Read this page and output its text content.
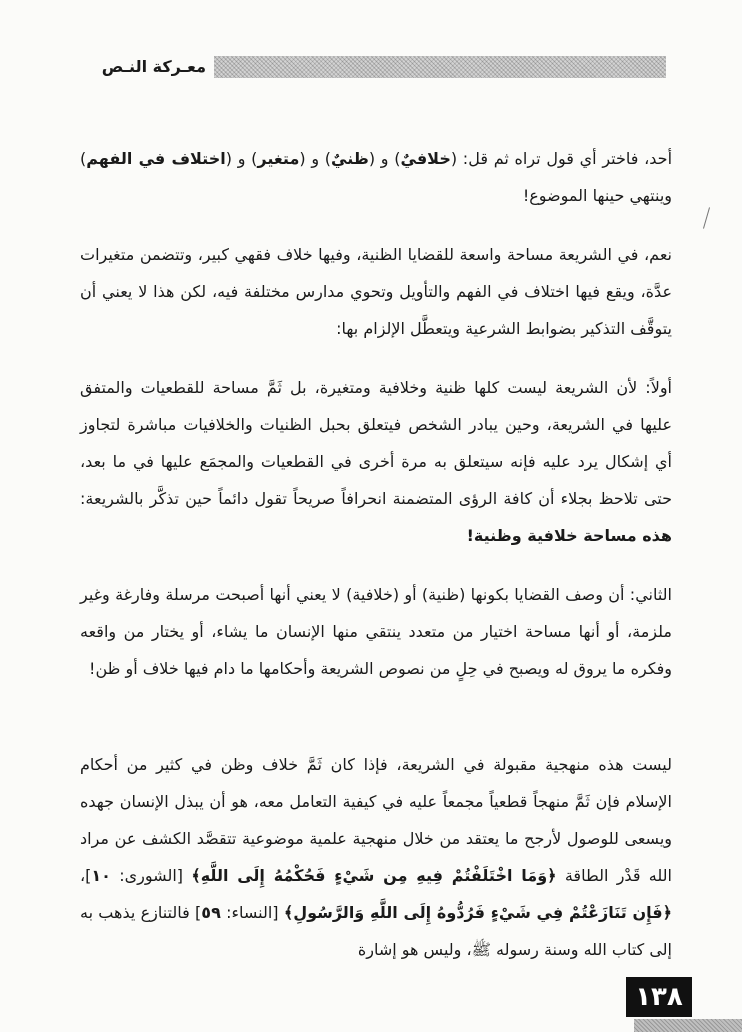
معـركة النـص

أحد، فاختر أي قول تراه ثم قل: (خلافيٌ) و (ظنيٌ) و (متغير) و (اختلاف في الفهم) وينتهي حينها الموضوع!

نعم، في الشريعة مساحة واسعة للقضايا الظنية، وفيها خلاف فقهي كبير، وتتضمن متغيرات عدَّة، ويقع فيها اختلاف في الفهم والتأويل وتحوي مدارس مختلفة فيه، لكن هذا لا يعني أن يتوقَّف التذكير بضوابط الشرعية ويتعطَّل الإلزام بها:

أولاً: لأن الشريعة ليست كلها ظنية وخلافية ومتغيرة، بل ثَمَّ مساحة للقطعيات والمتفق عليها في الشريعة، وحين يبادر الشخص فيتعلق بحبل الظنيات والخلافيات مباشرة لتجاوز أي إشكال يرد عليه فإنه سيتعلق به مرة أخرى في القطعيات والمجمَع عليها في ما بعد، حتى تلاحظ بجلاء أن كافة الرؤى المتضمنة انحرافاً صريحاً تقول دائماً حين تذكَّر بالشريعة: هذه مساحة خلافية وظنية!

الثاني: أن وصف القضايا بكونها (ظنية) أو (خلافية) لا يعني أنها أصبحت مرسلة وفارغة وغير ملزمة، أو أنها مساحة اختيار من متعدد ينتقي منها الإنسان ما يشاء، أو يختار من واقعه وفكره ما يروق له ويصبح في حِلٍ من نصوص الشريعة وأحكامها ما دام فيها خلاف أو ظن!

ليست هذه منهجية مقبولة في الشريعة، فإذا كان ثَمَّ خلاف وظن في كثير من أحكام الإسلام فإن ثَمَّ منهجاً قطعياً مجمعاً عليه في كيفية التعامل معه، هو أن يبذل الإنسان جهده ويسعى للوصول لأرجح ما يعتقد من خلال منهجية علمية موضوعية تتقصَّد الكشف عن مراد الله قَدْر الطاقة ﴿وَمَا اخْتَلَفْتُمْ فِيهِ مِن شَيْءٍ فَحُكْمُهُ إِلَى اللَّهِ﴾ [الشورى: ١٠]، ﴿فَإِن تَنَازَعْتُمْ فِي شَيْءٍ فَرُدُّوهُ إِلَى اللَّهِ وَالرَّسُولِ﴾ [النساء: ٥٩] فالتنازع يذهب به إلى كتاب الله وسنة رسوله ﷺ، وليس هو إشارة

١٣٨
